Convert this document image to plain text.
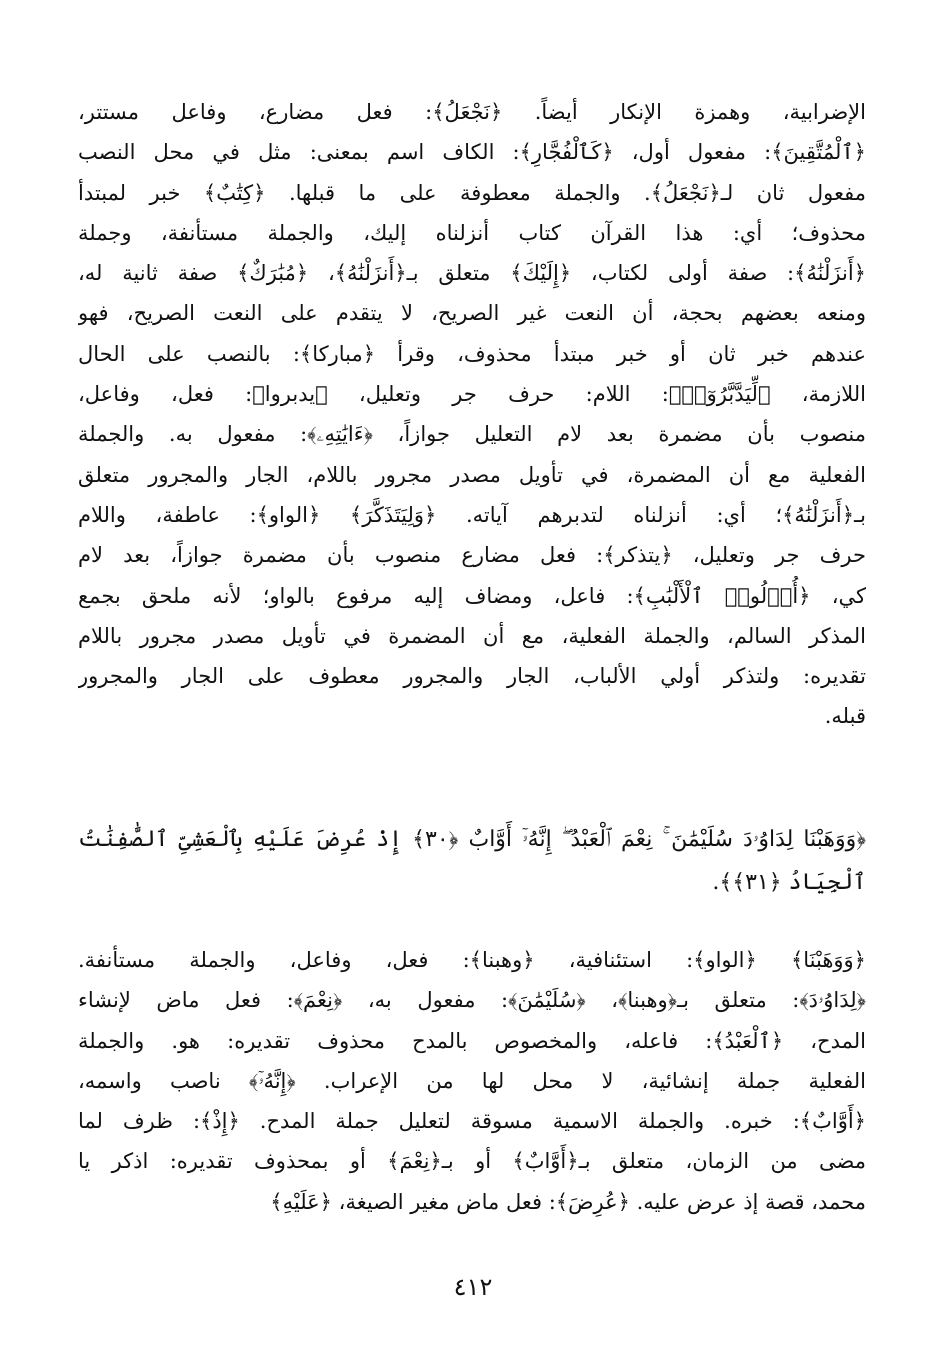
الإضرابية، وهمزة الإنكار أيضاً. ﴿نَجْعَلُ﴾: فعل مضارع، وفاعل مستتر،
﴿ٱلْمُتَّقِينَ﴾: مفعول أول، ﴿كَٱلْفُجَّارِ﴾: الكاف اسم بمعنى: مثل في محل النصب
مفعول ثان لـ﴿نَجْعَلُ﴾. والجملة معطوفة على ما قبلها. ﴿كِتَٰبٌ﴾ خبر لمبتدأ
محذوف؛ أي: هذا القرآن كتاب أنزلناه إليك، والجملة مستأنفة، وجملة
﴿أَنزَلْنَٰهُ﴾: صفة أولى لكتاب، ﴿إِلَيْكَ﴾ متعلق بـ﴿أَنزَلْنَٰهُ﴾، ﴿مُبَٰرَكٌ﴾ صفة ثانية له،
ومنعه بعضهم بحجة، أن النعت غير الصريح، لا يتقدم على النعت الصريح، فهو
عندهم خبر ثان أو خبر مبتدأ محذوف، وقرأ ﴿مباركا﴾: بالنصب على الحال
اللازمة، ﴿لِّيَدَّبَّرُوٓا۟﴾: اللام: حرف جر وتعليل، ﴿يدبروا﴾: فعل، وفاعل،
منصوب بأن مضمرة بعد لام التعليل جوازاً، ﴿ءَايَٰتِهِۦ﴾: مفعول به. والجملة
الفعلية مع أن المضمرة، في تأويل مصدر مجرور باللام، الجار والمجرور متعلق
بـ﴿أَنزَلْنَٰهُ﴾؛ أي: أنزلناه لتدبرهم آياته. ﴿وَلِيَتَذَكَّرَ﴾ ﴿الواو﴾: عاطفة، واللام
حرف جر وتعليل، ﴿يتذكر﴾: فعل مضارع منصوب بأن مضمرة جوازاً، بعد لام
كي، ﴿أُو۟لُوا۟ ٱلْأَلْبَٰبِ﴾: فاعل، ومضاف إليه مرفوع بالواو؛ لأنه ملحق بجمع
المذكر السالم، والجملة الفعلية، مع أن المضمرة في تأويل مصدر مجرور باللام
تقديره: ولتذكر أولي الألباب، الجار والمجرور معطوف على الجار والمجرور
قبله.
﴿وَوَهَبْنَا لِدَاوُۥدَ سُلَيْمَٰنَ ۚ نِعْمَ ٱلْعَبْدُ ۖ إِنَّهُۥٓ أَوَّابٌ ﴿٣٠﴾ إِذْ عُرِضَ عَلَيْهِ بِٱلْعَشِىِّ ٱلصَّٰفِنَٰتُ
ٱلْجِيَادُ ﴿٣١﴾﴾.
﴿وَوَهَبْنَا﴾ ﴿الواو﴾: استئنافية، ﴿وهبنا﴾: فعل، وفاعل، والجملة مستأنفة.
﴿لِدَاوُۥدَ﴾: متعلق بـ﴿وهبنا﴾، ﴿سُلَيْمَٰنَ﴾: مفعول به، ﴿نِعْمَ﴾: فعل ماض لإنشاء
المدح، ﴿ٱلْعَبْدُ﴾: فاعله، والمخصوص بالمدح محذوف تقديره: هو. والجملة
الفعلية جملة إنشائية، لا محل لها من الإعراب. ﴿إِنَّهُۥٓ﴾ ناصب واسمه،
﴿أَوَّابٌ﴾: خبره. والجملة الاسمية مسوقة لتعليل جملة المدح. ﴿إِذْ﴾: ظرف لما
مضى من الزمان، متعلق بـ﴿أَوَّابٌ﴾ أو بـ﴿نِعْمَ﴾ أو بمحذوف تقديره: اذكر يا
محمد، قصة إذ عرض عليه. ﴿عُرِضَ﴾: فعل ماض مغير الصيغة، ﴿عَلَيْهِ﴾
٤١٢
